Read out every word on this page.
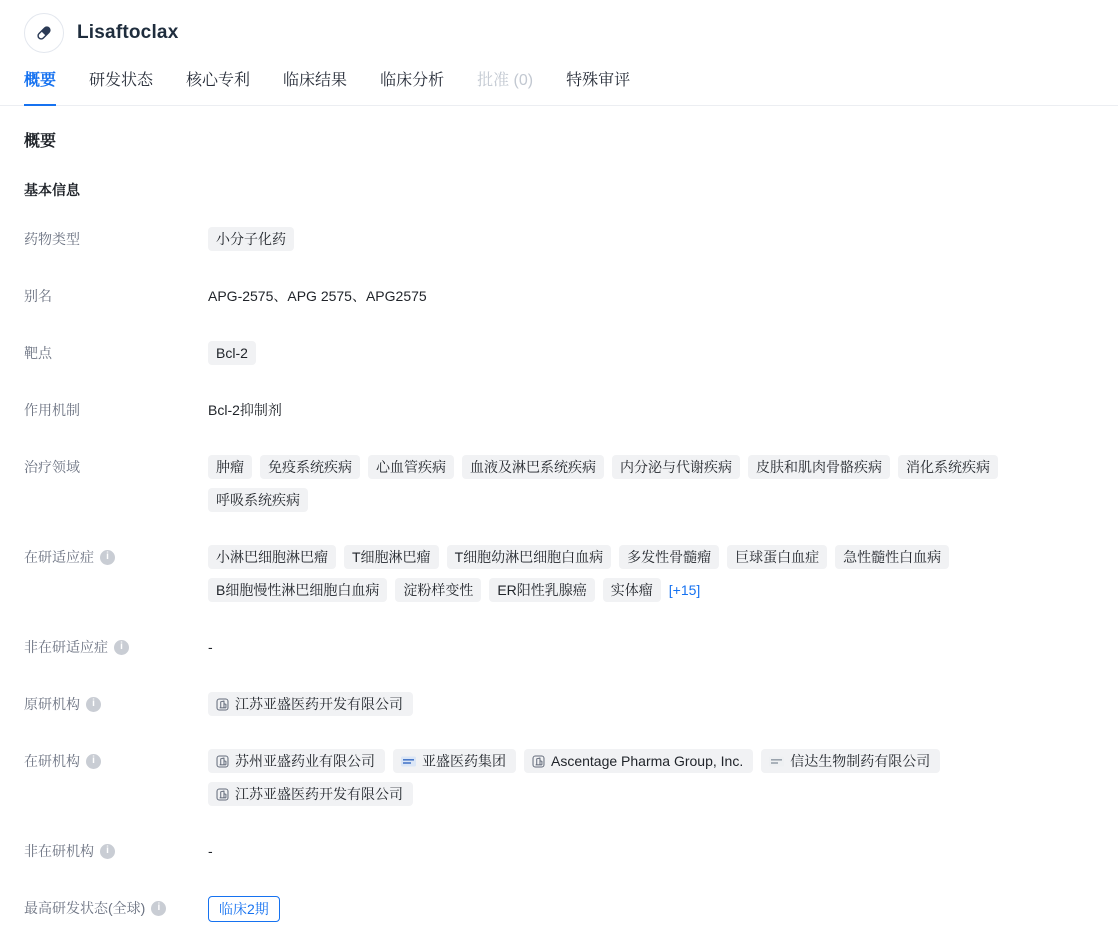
Lisaftoclax
概要 研发状态 核心专利 临床结果 临床分析 批准 (0) 特殊审评
概要
基本信息
药物类型	小分子化药
别名	APG-2575、APG 2575、APG2575
靶点	Bcl-2
作用机制	Bcl-2抑制剂
治疗领域	肿瘤	免疫系统疾病	心血管疾病	血液及淋巴系统疾病	内分泌与代谢疾病	皮肤和肌肉骨骼疾病	消化系统疾病
呼吸系统疾病
在研适应症	i	小淋巴细胞淋巴瘤	T细胞淋巴瘤	T细胞幼淋巴细胞白血病	多发性骨髓瘤	巨球蛋白血症	急性髓性白血病
B细胞慢性淋巴细胞白血病	淀粉样变性	ER阳性乳腺癌	实体瘤	[+15]
非在研适应症	i	-
原研机构	i	江苏亚盛医药开发有限公司
在研机构	i	苏州亚盛药业有限公司	亚盛医药集团	Ascentage Pharma Group, Inc.	信达生物制药有限公司
江苏亚盛医药开发有限公司
非在研机构	i	-
最高研发状态(全球)	i	临床2期
